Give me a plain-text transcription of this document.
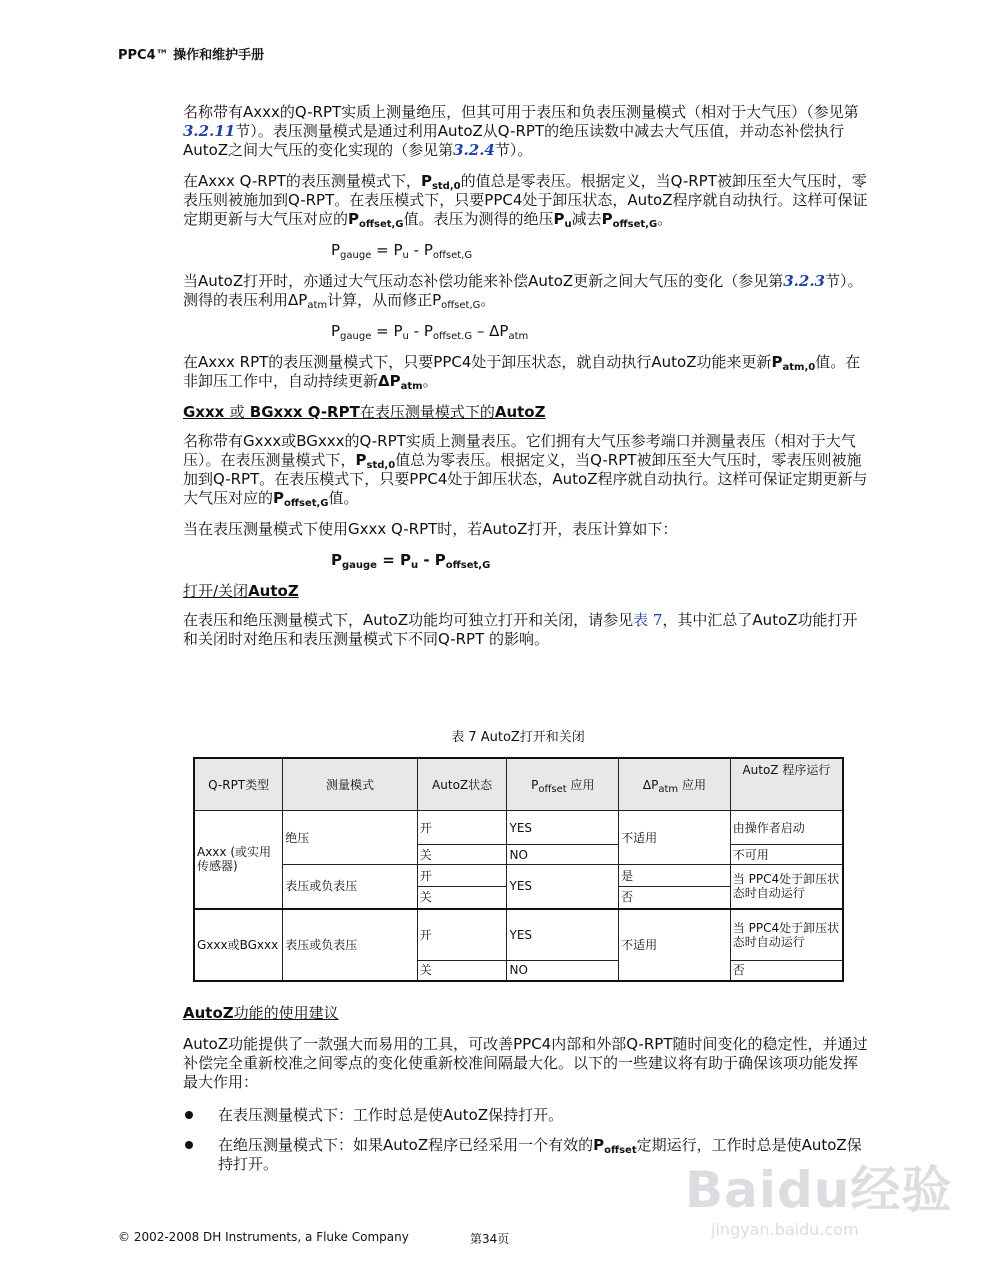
PPC4™ 操作和维护手册

名称带有Axxx的Q-RPT实质上测量绝压，但其可用于表压和负表压测量模式（相对于大气压）（参见第3.2.11节）。表压测量模式是通过利用AutoZ从Q-RPT的绝压读数中减去大气压值，并动态补偿执行AutoZ之间大气压的变化实现的（参见第3.2.4节）。

在Axxx Q-RPT的表压测量模式下，$P_{std,0}$的值总是零表压。根据定义，当Q-RPT被卸压至大气压时，零表压则被施加到Q-RPT。在表压模式下，只要PPC4处于卸压状态，AutoZ程序就自动执行。这样可保证定期更新与大气压对应的$P_{offset,G}$值。表压为测得的绝压$P_u$减去$P_{offset,G}$。

$P_{gauge} = P_u - P_{offset,G}$

当AutoZ打开时，亦通过大气压动态补偿功能来补偿AutoZ更新之间大气压的变化（参见第3.2.3节）。测得的表压利用$\Delta P_{atm}$计算，从而修正$P_{offset,G}$。

$P_{gauge} = P_u - P_{offset.G} - \Delta P_{atm}$

在Axxx RPT的表压测量模式下，只要PPC4处于卸压状态，就自动执行AutoZ功能来更新$P_{atm,0}$值。在非卸压工作中，自动持续更新$\Delta P_{atm}$。

Gxxx 或 BGxxx Q-RPT在表压测量模式下的AutoZ

名称带有Gxxx或BGxxx的Q-RPT实质上测量表压。它们拥有大气压参考端口并测量表压（相对于大气压）。在表压测量模式下，$P_{std,0}$值总为零表压。根据定义，当Q-RPT被卸压至大气压时，零表压则被施加到Q-RPT。在表压模式下，只要PPC4处于卸压状态，AutoZ程序就自动执行。这样可保证定期更新与大气压对应的$P_{offset,G}$值。

当在表压测量模式下使用Gxxx Q-RPT时，若AutoZ打开，表压计算如下：

$P_{gauge} = P_u - P_{offset,G}$
打开/关闭AutoZ

在表压和绝压测量模式下，AutoZ功能均可独立打开和关闭，请参见表 7，其中汇总了AutoZ功能打开和关闭时对绝压和表压测量模式下不同Q-RPT 的影响。

表 7 AutoZ打开和关闭
Q-RPT类型	测量模式	AutoZ状态	$P_{offset}$ 应用	$\Delta P_{atm}$ 应用	AutoZ 程序运行
Axxx (或实用传感器)	绝压	开	YES	不适用	由操作者启动
		关	NO		不可用
	表压或负表压	开	YES	是	当 PPC4处于卸压状态时自动运行
		关		否	
Gxxx或BGxxx	表压或负表压	开	YES	不适用	当 PPC4处于卸压状态时自动运行
		关	NO		否
AutoZ功能的使用建议

AutoZ功能提供了一款强大而易用的工具，可改善PPC4内部和外部Q-RPT随时间变化的稳定性，并通过补偿完全重新校准之间零点的变化使重新校准间隔最大化。以下的一些建议将有助于确保该项功能发挥最大作用：

在表压测量模式下：工作时总是使AutoZ保持打开。
在绝压测量模式下：如果AutoZ程序已经采用一个有效的$P_{offset}$定期运行，工作时总是使AutoZ保持打开。	Baidu经验
jingyan.baidu.com
© 2002-2008 DH Instruments, a Fluke Company	第34页
